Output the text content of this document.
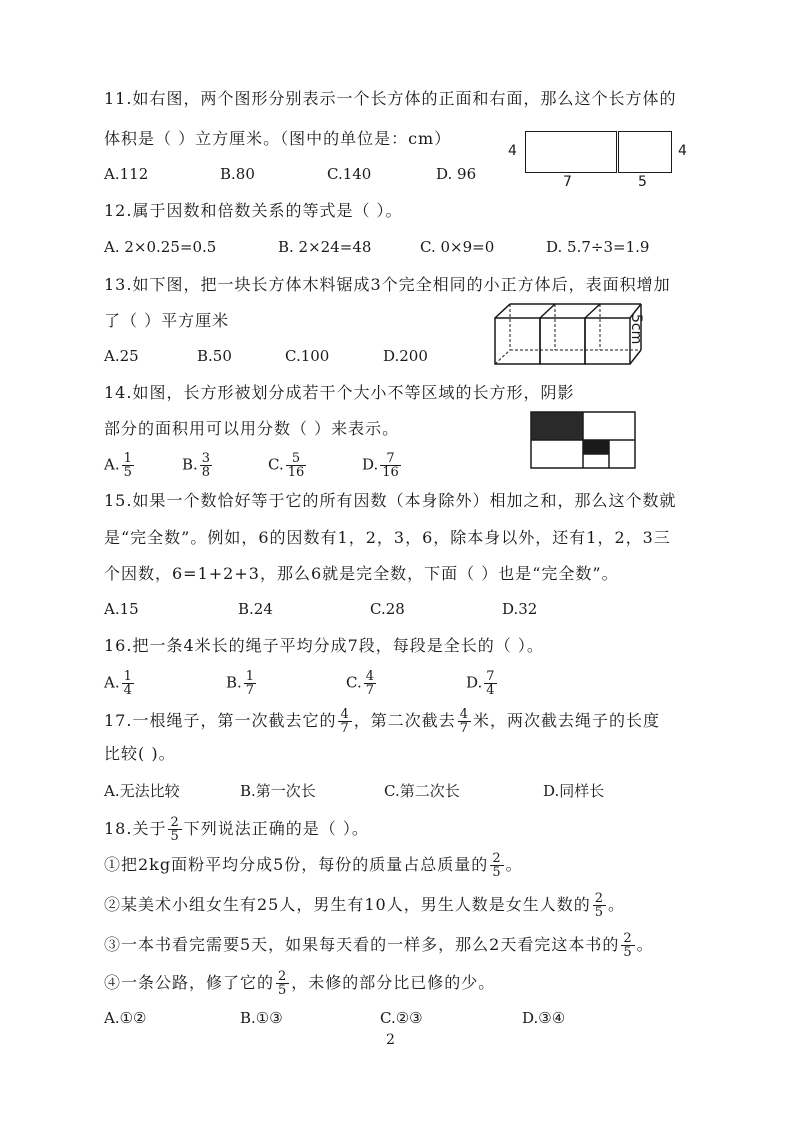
11.如右图，两个图形分别表示一个长方体的正面和右面，那么这个长方体的
体积是（ ）立方厘米。（图中的单位是：cm）
A.112	B.80	C.140	D. 96
4
7
4
5
12.属于因数和倍数关系的等式是（ ）。
A. 2×0.25=0.5	B. 2×24=48	C. 0×9=0	D. 5.7÷3=1.9
13.如下图，把一块长方体木料锯成3个完全相同的小正方体后，表面积增加
了（ ）平方厘米
A.25	B.50	C.100	D.200
5cm
14.如图，长方形被划分成若干个大小不等区域的长方形，阴影
部分的面积用可以用分数（ ）来表示。
A. $\frac{1}{5}$	B. $\frac{3}{8}$	C. $\frac{5}{16}$	D. $\frac{7}{16}$
15.如果一个数恰好等于它的所有因数（本身除外）相加之和，那么这个数就
是“完全数”。例如，6的因数有1，2，3，6，除本身以外，还有1，2，3三
个因数，6=1+2+3，那么6就是完全数，下面（ ）也是“完全数”。
A.15	B.24	C.28	D.32
16.把一条4米长的绳子平均分成7段，每段是全长的（ ）。
A. $\frac{1}{4}$	B. $\frac{1}{7}$	C. $\frac{4}{7}$	D. $\frac{7}{4}$
17.一根绳子，第一次截去它的 $\frac{4}{7}$ ，第二次截去 $\frac{4}{7}$ 米，两次截去绳子的长度
比较( )。
A.无法比较	B.第一次长	C.第二次长	D.同样长
18.关于 $\frac{2}{5}$ 下列说法正确的是（ ）。
①把2kg面粉平均分成5份，每份的质量占总质量的 $\frac{2}{5}$ 。
②某美术小组女生有25人，男生有10人，男生人数是女生人数的 $\frac{2}{5}$ 。
③一本书看完需要5天，如果每天看的一样多，那么2天看完这本书的 $\frac{2}{5}$ 。
④一条公路，修了它的 $\frac{2}{5}$ ，未修的部分比已修的少。
A.①②	B.①③	C.②③	D.③④
2
